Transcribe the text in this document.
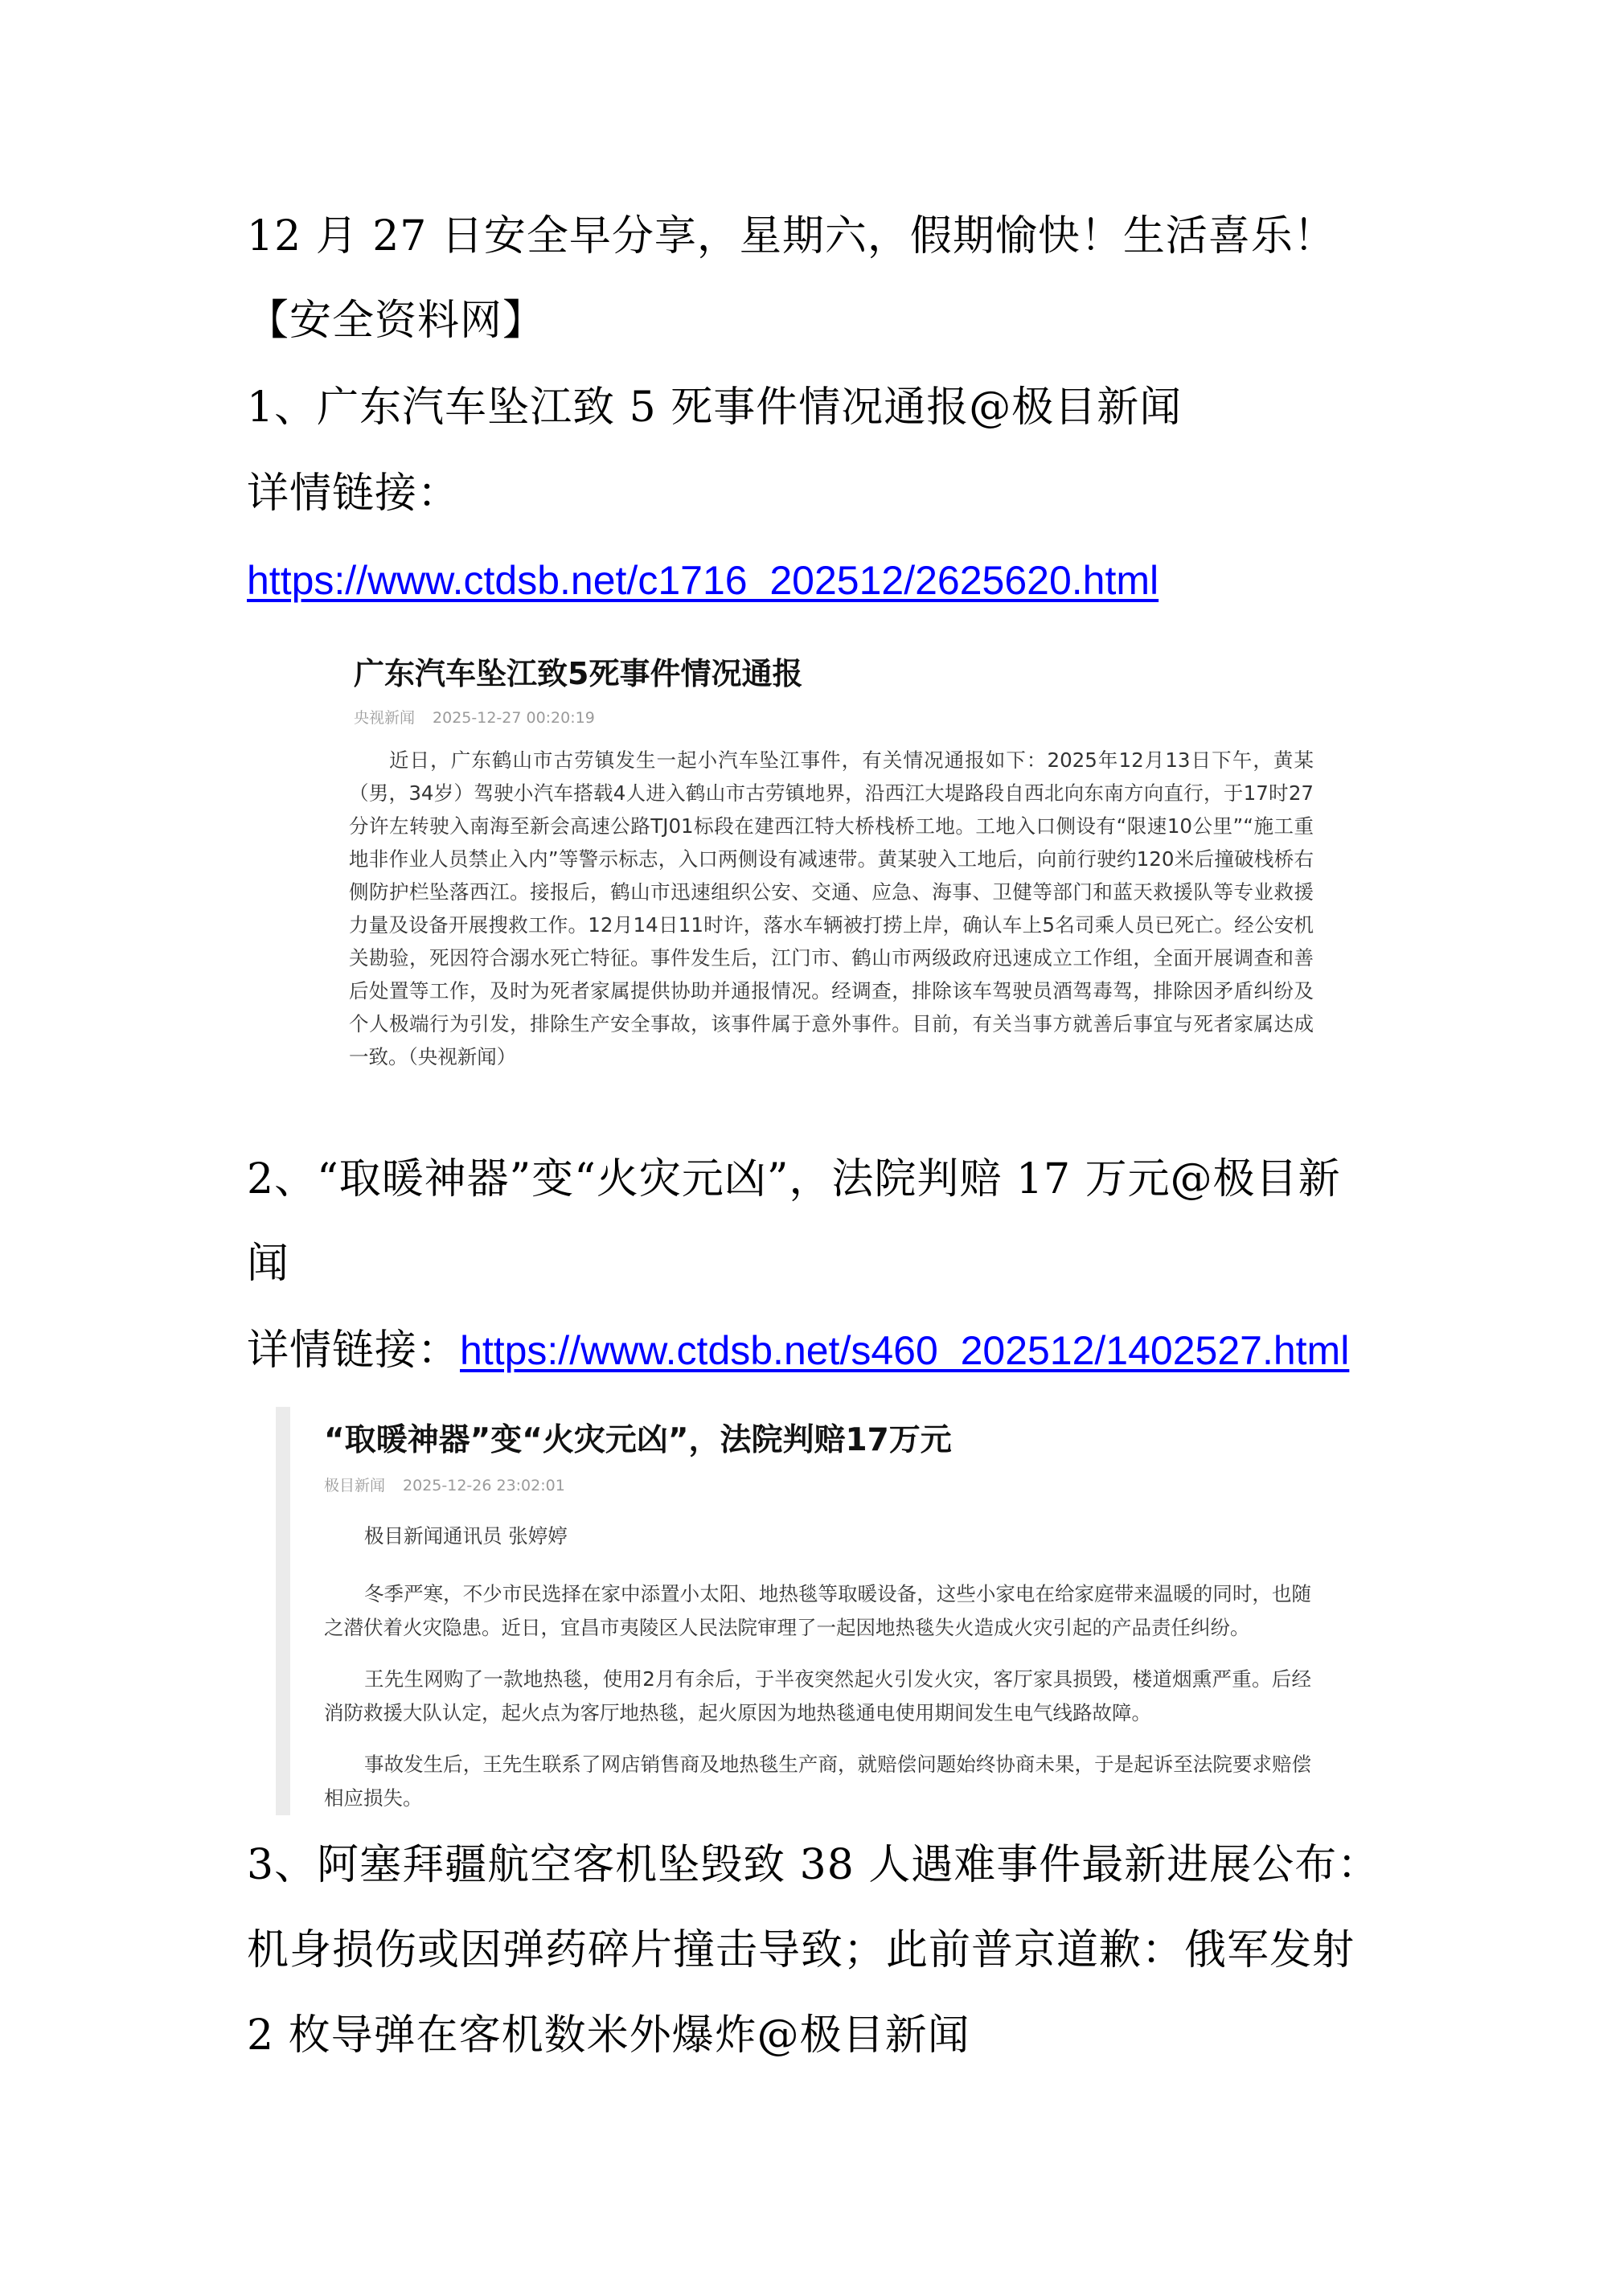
12 月 27 日安全早分享，星期六，假期愉快！生活喜乐！
【安全资料网】
1、广东汽车坠江致 5 死事件情况通报@极目新闻
详情链接：
https://www.ctdsb.net/c1716_202512/2625620.html
广东汽车坠江致5死事件情况通报
央视新闻 2025-12-27 00:20:19

近日，广东鹤山市古劳镇发生一起小汽车坠江事件，有关情况通报如下：2025年12月13日下午，黄某（男，34岁）驾驶小汽车搭载4人进入鹤山市古劳镇地界，沿西江大堤路段自西北向东南方向直行，于17时27分许左转驶入南海至新会高速公路TJ01标段在建西江特大桥栈桥工地。工地入口侧设有“限速10公里”“施工重地非作业人员禁止入内”等警示标志，入口两侧设有减速带。黄某驶入工地后，向前行驶约120米后撞破栈桥右侧防护栏坠落西江。接报后，鹤山市迅速组织公安、交通、应急、海事、卫健等部门和蓝天救援队等专业救援力量及设备开展搜救工作。12月14日11时许，落水车辆被打捞上岸，确认车上5名司乘人员已死亡。经公安机关勘验，死因符合溺水死亡特征。事件发生后，江门市、鹤山市两级政府迅速成立工作组，全面开展调查和善后处置等工作，及时为死者家属提供协助并通报情况。经调查，排除该车驾驶员酒驾毒驾，排除因矛盾纠纷及个人极端行为引发，排除生产安全事故，该事件属于意外事件。目前，有关当事方就善后事宜与死者家属达成一致。（央视新闻）

2、“取暖神器”变“火灾元凶”，法院判赔 17 万元@极目新
闻
详情链接：https://www.ctdsb.net/s460_202512/1402527.html
“取暖神器”变“火灾元凶”，法院判赔17万元
极目新闻 2025-12-26 23:02:01

极目新闻通讯员 张婷婷

冬季严寒，不少市民选择在家中添置小太阳、地热毯等取暖设备，这些小家电在给家庭带来温暖的同时，也随之潜伏着火灾隐患。近日，宜昌市夷陵区人民法院审理了一起因地热毯失火造成火灾引起的产品责任纠纷。

王先生网购了一款地热毯，使用2月有余后，于半夜突然起火引发火灾，客厅家具损毁，楼道烟熏严重。后经消防救援大队认定，起火点为客厅地热毯，起火原因为地热毯通电使用期间发生电气线路故障。

事故发生后，王先生联系了网店销售商及地热毯生产商，就赔偿问题始终协商未果，于是起诉至法院要求赔偿相应损失。

3、阿塞拜疆航空客机坠毁致 38 人遇难事件最新进展公布：
机身损伤或因弹药碎片撞击导致；此前普京道歉：俄军发射
2 枚导弹在客机数米外爆炸@极目新闻
